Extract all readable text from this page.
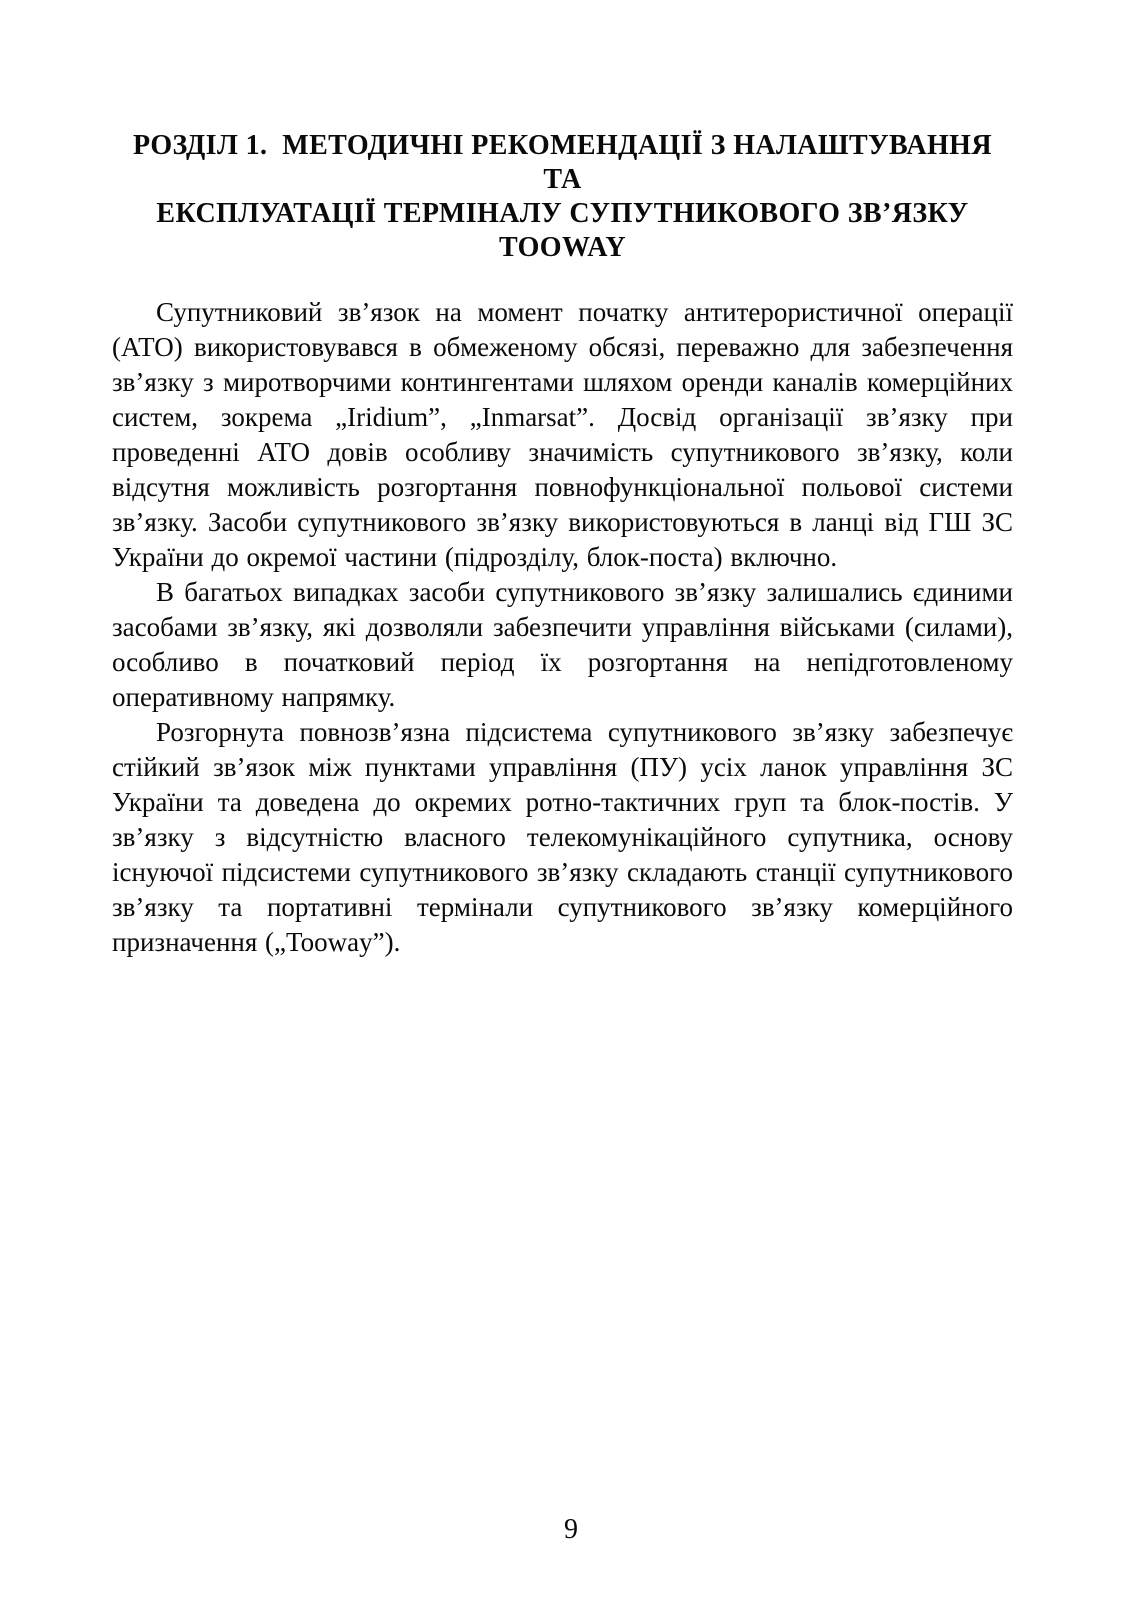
РОЗДІЛ 1.  МЕТОДИЧНІ РЕКОМЕНДАЦІЇ З НАЛАШТУВАННЯ ТА
ЕКСПЛУАТАЦІЇ ТЕРМІНАЛУ СУПУТНИКОВОГО ЗВ’ЯЗКУ TOOWAY

Супутниковий зв’язок на момент початку антитерористичної операції (АТО) використовувався в обмеженому обсязі, переважно для забезпечення зв’язку з миротворчими контингентами шляхом оренди каналів комерційних систем, зокрема „Iridium”, „Inmarsat”. Досвід організації зв’язку при проведенні АТО довів особливу значимість супутникового зв’язку, коли відсутня можливість розгортання повнофункціональної польової системи зв’язку. Засоби супутникового зв’язку використовуються в ланці від ГШ ЗС України до окремої частини (підрозділу, блок-поста) включно.

В багатьох випадках засоби супутникового зв’язку залишались єдиними засобами зв’язку, які дозволяли забезпечити управління військами (силами), особливо в початковий період їх розгортання на непідготовленому оперативному напрямку.

Розгорнута повнозв’язна підсистема супутникового зв’язку забезпечує стійкий зв’язок між пунктами управління (ПУ) усіх ланок управління ЗС України та доведена до окремих ротно-тактичних груп та блок-постів. У зв’язку з відсутністю власного телекомунікаційного супутника, основу існуючої підсистеми супутникового зв’язку складають станції супутникового зв’язку та портативні термінали супутникового зв’язку комерційного призначення („Tooway”).

9
